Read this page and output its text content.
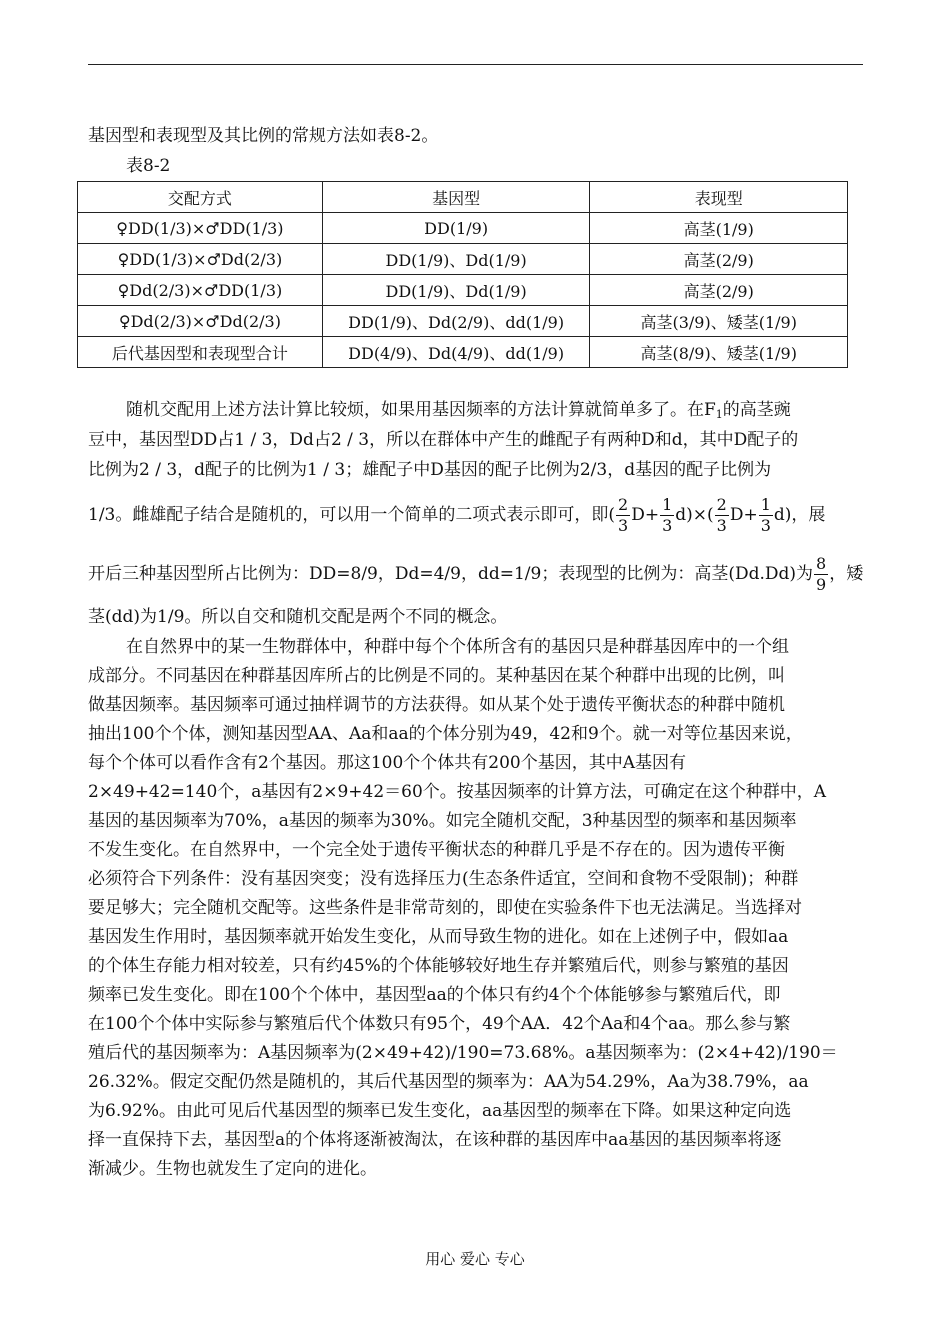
基因型和表现型及其比例的常规方法如表8-2。
表8-2
交配方式	基因型	表现型
♀DD(1/3)×♂DD(1/3)	DD(1/9)	高茎(1/9)
♀DD(1/3)×♂Dd(2/3)	DD(1/9)、Dd(1/9)	高茎(2/9)
♀Dd(2/3)×♂DD(1/3)	DD(1/9)、Dd(1/9)	高茎(2/9)
♀Dd(2/3)×♂Dd(2/3)	DD(1/9)、Dd(2/9)、dd(1/9)	高茎(3/9)、矮茎(1/9)
后代基因型和表现型合计	DD(4/9)、Dd(4/9)、dd(1/9)	高茎(8/9)、矮茎(1/9)
随机交配用上述方法计算比较烦，如果用基因频率的方法计算就简单多了。在$F_1$的高茎豌
豆中，基因型DD占1 / 3，Dd占2 / 3，所以在群体中产生的雌配子有两种D和d，其中D配子的
比例为2 / 3，d配子的比例为1 / 3；雄配子中D基因的配子比例为2/3，d基因的配子比例为
1/3。雌雄配子结合是随机的，可以用一个简单的二项式表示即可，即( $\frac{2}{3} D+ \frac{1}{3} d)\times( \frac{2}{3} D+ \frac{1}{3} d)$，展
开后三种基因型所占比例为：DD=8/9，Dd=4/9，dd=1/9；表现型的比例为：高茎(Dd.Dd)为 $\frac{8}{9}$ ，矮
茎(dd)为1/9。所以自交和随机交配是两个不同的概念。
在自然界中的某一生物群体中，种群中每个个体所含有的基因只是种群基因库中的一个组
成部分。不同基因在种群基因库所占的比例是不同的。某种基因在某个种群中出现的比例，叫
做基因频率。基因频率可通过抽样调节的方法获得。如从某个处于遗传平衡状态的种群中随机
抽出100个个体，测知基因型AA、Aa和aa的个体分别为49，42和9个。就一对等位基因来说，
每个个体可以看作含有2个基因。那这100个个体共有200个基因，其中A基因有
2×49+42=140个，a基因有2×9+42＝60个。按基因频率的计算方法，可确定在这个种群中，A
基因的基因频率为70%，a基因的频率为30%。如完全随机交配，3种基因型的频率和基因频率
不发生变化。在自然界中，一个完全处于遗传平衡状态的种群几乎是不存在的。因为遗传平衡
必须符合下列条件：没有基因突变；没有选择压力(生态条件适宜，空间和食物不受限制)；种群
要足够大；完全随机交配等。这些条件是非常苛刻的，即使在实验条件下也无法满足。当选择对
基因发生作用时，基因频率就开始发生变化，从而导致生物的进化。如在上述例子中，假如aa
的个体生存能力相对较差，只有约45%的个体能够较好地生存并繁殖后代，则参与繁殖的基因
频率已发生变化。即在100个个体中，基因型aa的个体只有约4个个体能够参与繁殖后代，即
在100个个体中实际参与繁殖后代个体数只有95个，49个AA．42个Aa和4个aa。那么参与繁
殖后代的基因频率为：A基因频率为(2×49+42)/190=73.68%。a基因频率为：(2×4+42)/190＝
26.32%。假定交配仍然是随机的，其后代基因型的频率为：AA为54.29%，Aa为38.79%，aa
为6.92%。由此可见后代基因型的频率已发生变化，aa基因型的频率在下降。如果这种定向选
择一直保持下去，基因型a的个体将逐渐被淘汰，在该种群的基因库中aa基因的基因频率将逐
渐减少。生物也就发生了定向的进化。
用心 爱心 专心
